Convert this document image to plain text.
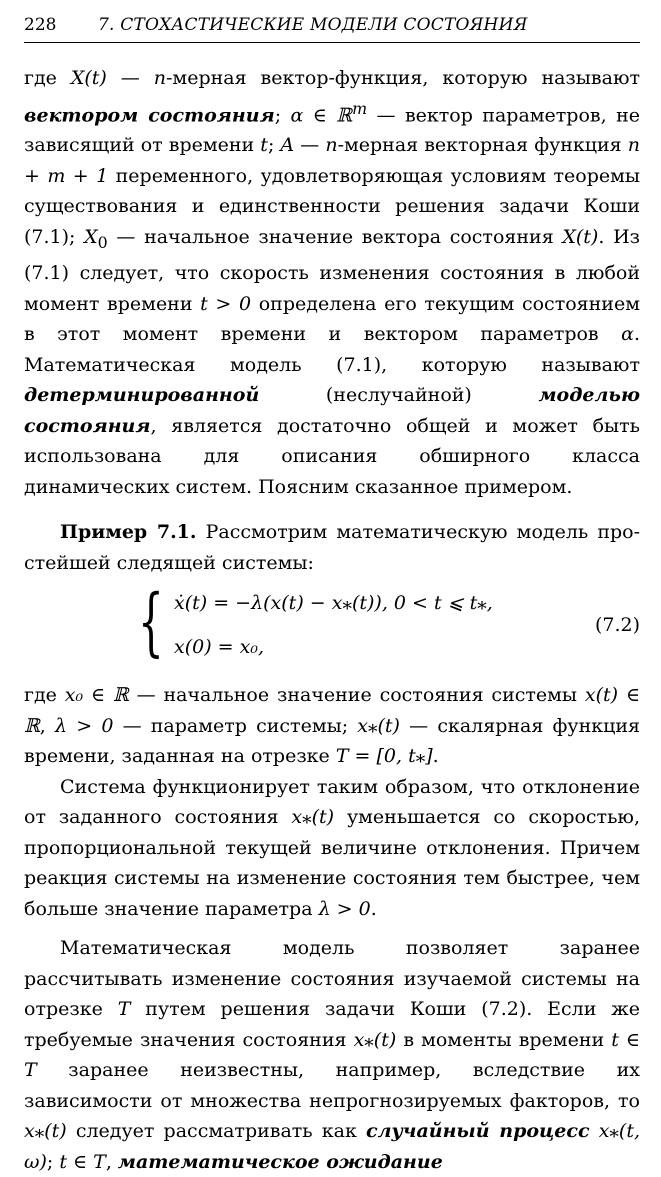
228	7. СТОХАСТИЧЕСКИЕ МОДЕЛИ СОСТОЯНИЯ

где X(t) — n-мерная вектор-функция, которую называют вектором состояния; α ∈ ℝ$^m$ — вектор параметров, не зависящий от времени t; A — n-мерная векторная функция n + m + 1 переменного, удовлетворяющая условиям теоремы существования и единственности решения задачи Коши (7.1); $X_0$ — начальное значение вектора состояния X(t). Из (7.1) следует, что скорость изменения состояния в любой момент времени t > 0 определена его текущим состоянием в этот момент времени и вектором параметров α. Математическая модель (7.1), которую называют детерминированной (неслучайной) моделью состояния, является достаточно общей и может быть использована для описания обширного класса динамических систем. Поясним сказанное примером.

Пример 7.1. Рассмотрим математическую модель простейшей следящей системы:

{ ẋ(t) = −λ(x(t) − x⁎(t)), 0 < t ⩽ t⁎,
x(0) = x₀,
(7.2)

где x₀ ∈ ℝ — начальное значение состояния системы x(t) ∈ ℝ, λ > 0 — параметр системы; x⁎(t) — скалярная функция времени, заданная на отрезке T = [0, t⁎].

Система функционирует таким образом, что отклонение от заданного состояния x⁎(t) уменьшается со скоростью, пропорциональной текущей величине отклонения. Причем реакция системы на изменение состояния тем быстрее, чем больше значение параметра λ > 0.

Математическая модель позволяет заранее рассчитывать изменение состояния изучаемой системы на отрезке T путем решения задачи Коши (7.2). Если же требуемые значения состояния x⁎(t) в моменты времени t ∈ T заранее неизвестны, например, вследствие их зависимости от множества непрогнозируемых факторов, то x⁎(t) следует рассматривать как случайный процесс x⁎(t, ω); t ∈ T, математическое ожидание
